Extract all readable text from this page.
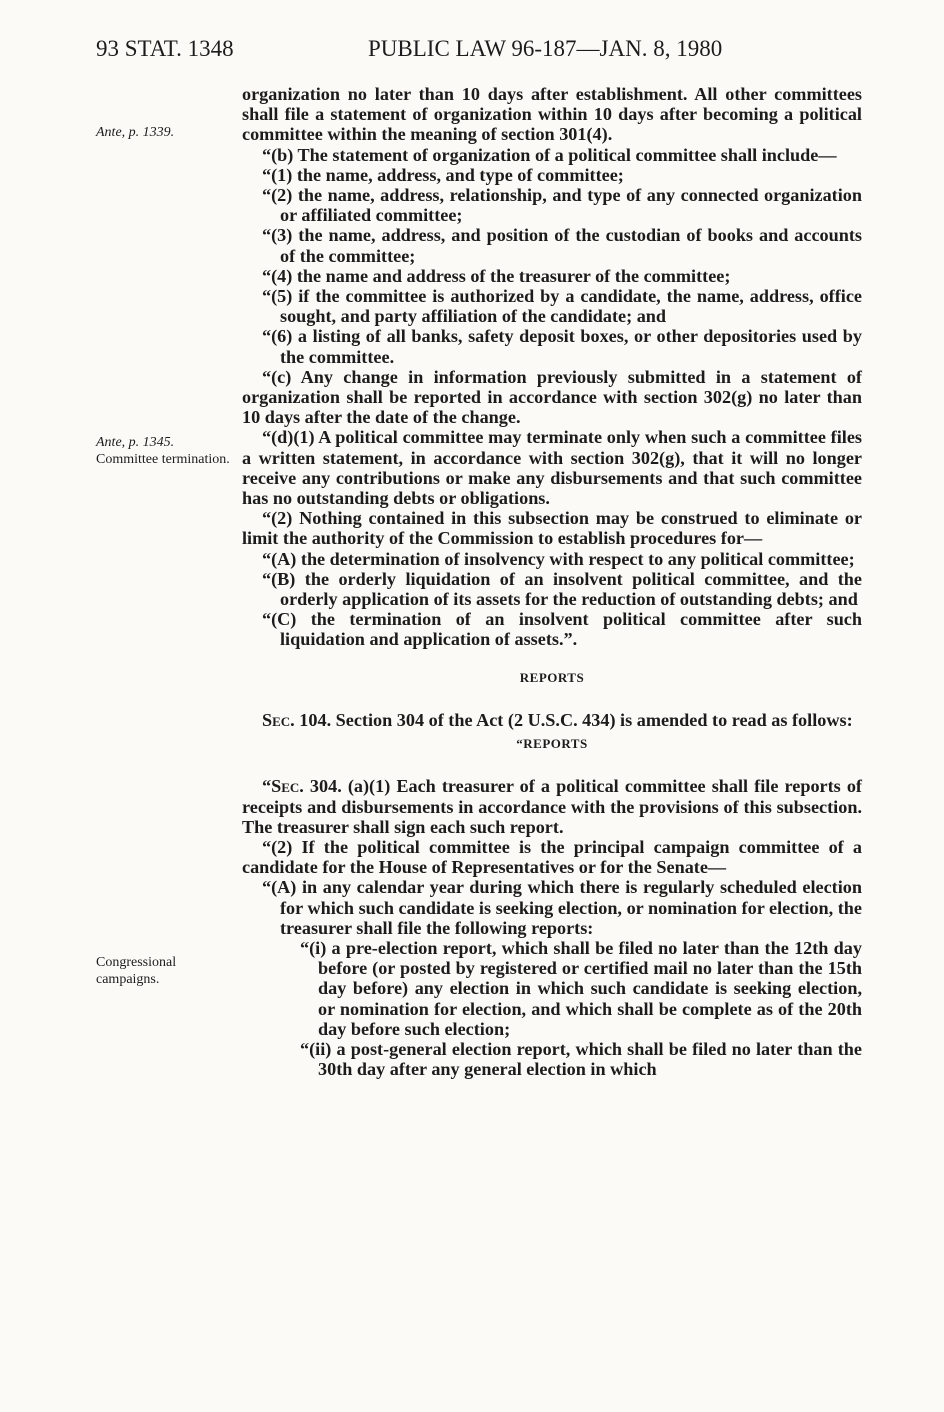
93 STAT. 1348	PUBLIC LAW 96-187—JAN. 8, 1980
Ante, p. 1339.
Ante, p. 1345.
Committee termination.
Congressional campaigns.

organization no later than 10 days after establishment. All other committees shall file a statement of organization within 10 days after becoming a political committee within the meaning of section 301(4).

“(b) The statement of organization of a political committee shall include—

“(1) the name, address, and type of committee;

“(2) the name, address, relationship, and type of any connected organization or affiliated committee;

“(3) the name, address, and position of the custodian of books and accounts of the committee;

“(4) the name and address of the treasurer of the committee;

“(5) if the committee is authorized by a candidate, the name, address, office sought, and party affiliation of the candidate; and

“(6) a listing of all banks, safety deposit boxes, or other depositories used by the committee.

“(c) Any change in information previously submitted in a statement of organization shall be reported in accordance with section 302(g) no later than 10 days after the date of the change.

“(d)(1) A political committee may terminate only when such a committee files a written statement, in accordance with section 302(g), that it will no longer receive any contributions or make any disbursements and that such committee has no outstanding debts or obligations.

“(2) Nothing contained in this subsection may be construed to eliminate or limit the authority of the Commission to establish procedures for—

“(A) the determination of insolvency with respect to any political committee;

“(B) the orderly liquidation of an insolvent political committee, and the orderly application of its assets for the reduction of outstanding debts; and

“(C) the termination of an insolvent political committee after such liquidation and application of assets.”.

REPORTS

Sec. 104. Section 304 of the Act (2 U.S.C. 434) is amended to read as follows:

“REPORTS

“Sec. 304. (a)(1) Each treasurer of a political committee shall file reports of receipts and disbursements in accordance with the provisions of this subsection. The treasurer shall sign each such report.

“(2) If the political committee is the principal campaign committee of a candidate for the House of Representatives or for the Senate—

“(A) in any calendar year during which there is regularly scheduled election for which such candidate is seeking election, or nomination for election, the treasurer shall file the following reports:

“(i) a pre-election report, which shall be filed no later than the 12th day before (or posted by registered or certified mail no later than the 15th day before) any election in which such candidate is seeking election, or nomination for election, and which shall be complete as of the 20th day before such election;

“(ii) a post-general election report, which shall be filed no later than the 30th day after any general election in which
